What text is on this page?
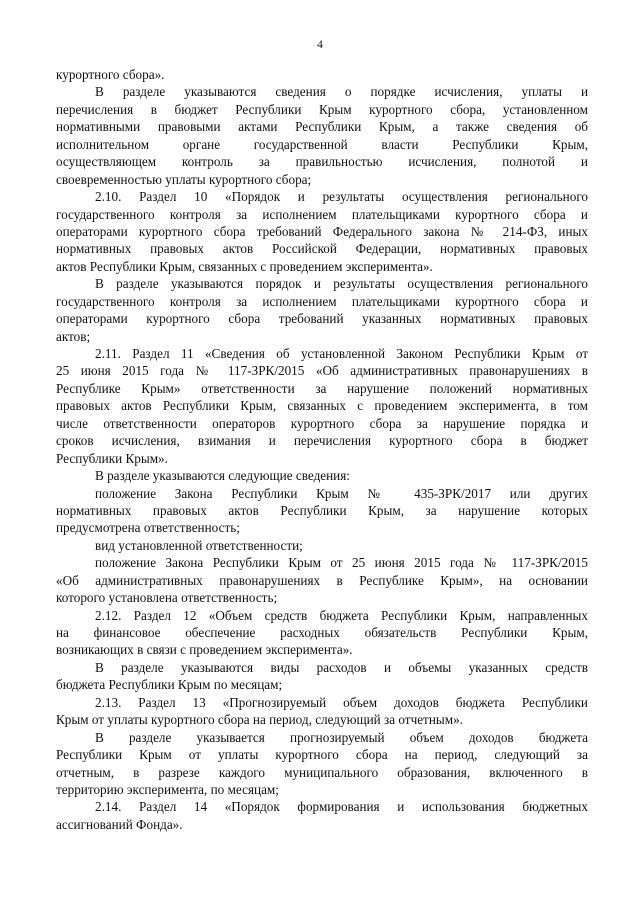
4
курортного сбора».
В разделе указываются сведения о порядке исчисления, уплаты и
перечисления в бюджет Республики Крым курортного сбора, установленном
нормативными правовыми актами Республики Крым, а также сведения об
исполнительном органе государственной власти Республики Крым,
осуществляющем контроль за правильностью исчисления, полнотой и
своевременностью уплаты курортного сбора;
2.10. Раздел 10 «Порядок и результаты осуществления регионального
государственного контроля за исполнением плательщиками курортного сбора и
операторами курортного сбора требований Федерального закона № 214-ФЗ, иных
нормативных правовых актов Российской Федерации, нормативных правовых
актов Республики Крым, связанных с проведением эксперимента».
В разделе указываются порядок и результаты осуществления регионального
государственного контроля за исполнением плательщиками курортного сбора и
операторами курортного сбора требований указанных нормативных правовых
актов;
2.11. Раздел 11 «Сведения об установленной Законом Республики Крым от
25 июня 2015 года № 117-ЗРК/2015 «Об административных правонарушениях в
Республике Крым» ответственности за нарушение положений нормативных
правовых актов Республики Крым, связанных с проведением эксперимента, в том
числе ответственности операторов курортного сбора за нарушение порядка и
сроков исчисления, взимания и перечисления курортного сбора в бюджет
Республики Крым».
В разделе указываются следующие сведения:
положение Закона Республики Крым № 435-ЗРК/2017 или других
нормативных правовых актов Республики Крым, за нарушение которых
предусмотрена ответственность;
вид установленной ответственности;
положение Закона Республики Крым от 25 июня 2015 года № 117-ЗРК/2015
«Об административных правонарушениях в Республике Крым», на основании
которого установлена ответственность;
2.12. Раздел 12 «Объем средств бюджета Республики Крым, направленных
на финансовое обеспечение расходных обязательств Республики Крым,
возникающих в связи с проведением эксперимента».
В разделе указываются виды расходов и объемы указанных средств
бюджета Республики Крым по месяцам;
2.13. Раздел 13 «Прогнозируемый объем доходов бюджета Республики
Крым от уплаты курортного сбора на период, следующий за отчетным».
В разделе указывается прогнозируемый объем доходов бюджета
Республики Крым от уплаты курортного сбора на период, следующий за
отчетным, в разрезе каждого муниципального образования, включенного в
территорию эксперимента, по месяцам;
2.14. Раздел 14 «Порядок формирования и использования бюджетных
ассигнований Фонда».
